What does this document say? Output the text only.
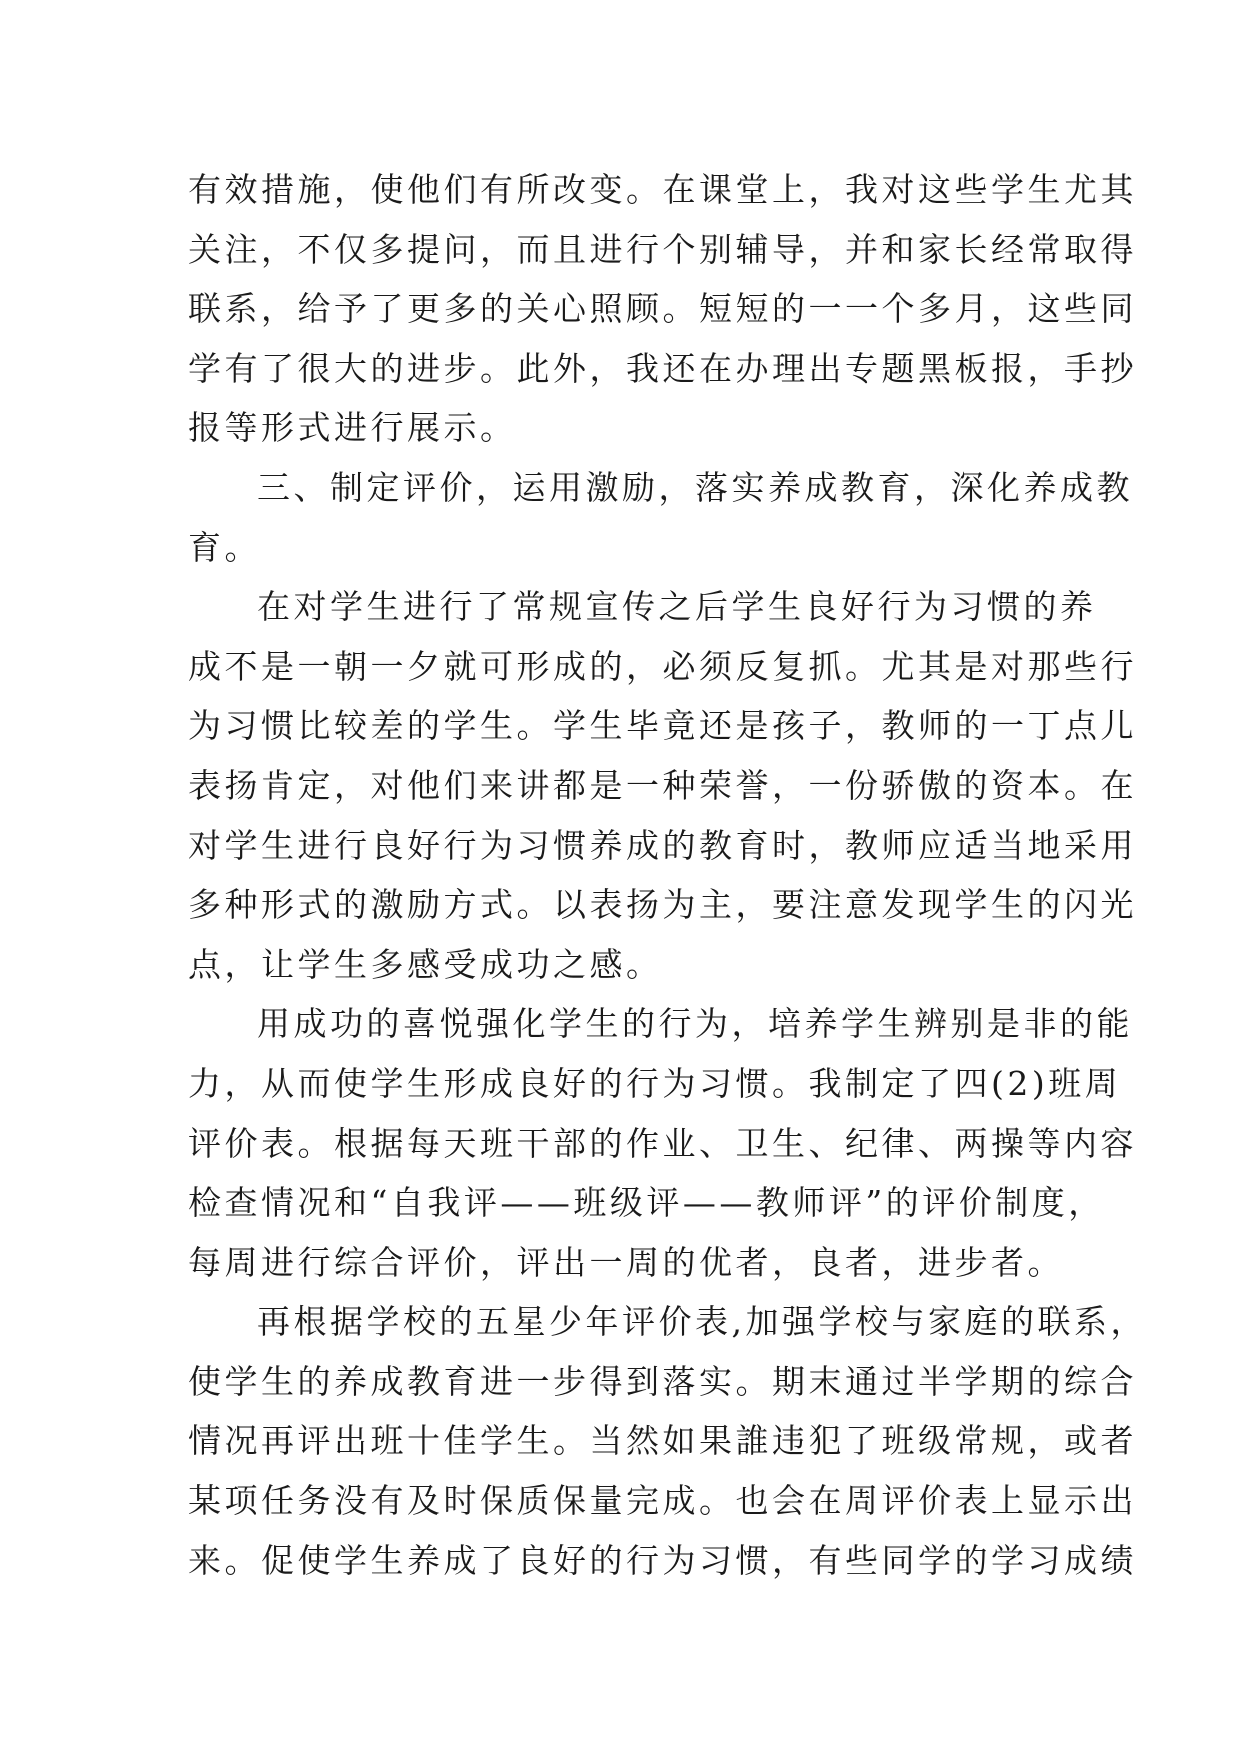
有效措施，使他们有所改变。在课堂上，我对这些学生尤其
关注，不仅多提问，而且进行个别辅导，并和家长经常取得
联系，给予了更多的关心照顾。短短的一一个多月，这些同
学有了很大的进步。此外，我还在办理出专题黑板报，手抄
报等形式进行展示。
三、制定评价，运用激励，落实养成教育，深化养成教
育。
在对学生进行了常规宣传之后学生良好行为习惯的养
成不是一朝一夕就可形成的，必须反复抓。尤其是对那些行
为习惯比较差的学生。学生毕竟还是孩子，教师的一丁点儿
表扬肯定，对他们来讲都是一种荣誉，一份骄傲的资本。在
对学生进行良好行为习惯养成的教育时，教师应适当地采用
多种形式的激励方式。以表扬为主，要注意发现学生的闪光
点，让学生多感受成功之感。
用成功的喜悦强化学生的行为，培养学生辨别是非的能
力，从而使学生形成良好的行为习惯。我制定了四(2)班周
评价表。根据每天班干部的作业、卫生、纪律、两操等内容
检查情况和“自我评——班级评——教师评”的评价制度，
每周进行综合评价，评出一周的优者，良者，进步者。
再根据学校的五星少年评价表,加强学校与家庭的联系，
使学生的养成教育进一步得到落实。期末通过半学期的综合
情况再评出班十佳学生。当然如果誰违犯了班级常规，或者
某项任务没有及时保质保量完成。也会在周评价表上显示出
来。促使学生养成了良好的行为习惯，有些同学的学习成绩
